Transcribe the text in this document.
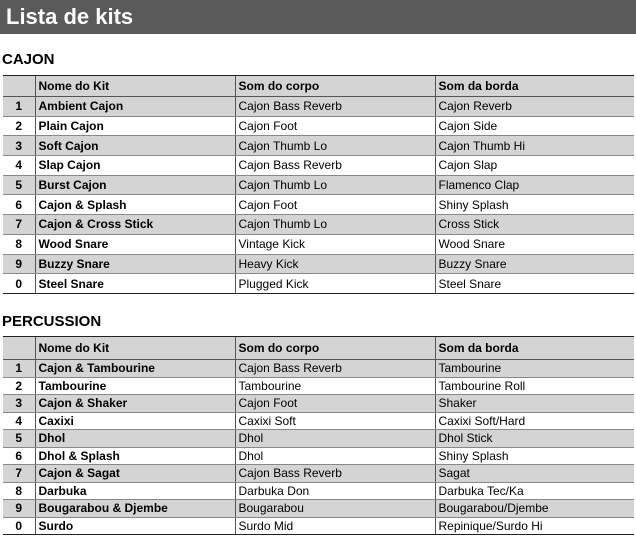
Lista de kits
CAJON
	Nome do Kit	Som do corpo	Som da borda
1	Ambient Cajon	Cajon Bass Reverb	Cajon Reverb
2	Plain Cajon	Cajon Foot	Cajon Side
3	Soft Cajon	Cajon Thumb Lo	Cajon Thumb Hi
4	Slap Cajon	Cajon Bass Reverb	Cajon Slap
5	Burst Cajon	Cajon Thumb Lo	Flamenco Clap
6	Cajon & Splash	Cajon Foot	Shiny Splash
7	Cajon & Cross Stick	Cajon Thumb Lo	Cross Stick
8	Wood Snare	Vintage Kick	Wood Snare
9	Buzzy Snare	Heavy Kick	Buzzy Snare
0	Steel Snare	Plugged Kick	Steel Snare
PERCUSSION
	Nome do Kit	Som do corpo	Som da borda
1	Cajon & Tambourine	Cajon Bass Reverb	Tambourine
2	Tambourine	Tambourine	Tambourine Roll
3	Cajon & Shaker	Cajon Foot	Shaker
4	Caxixi	Caxixi Soft	Caxixi Soft/Hard
5	Dhol	Dhol	Dhol Stick
6	Dhol & Splash	Dhol	Shiny Splash
7	Cajon & Sagat	Cajon Bass Reverb	Sagat
8	Darbuka	Darbuka Don	Darbuka Tec/Ka
9	Bougarabou & Djembe	Bougarabou	Bougarabou/Djembe
0	Surdo	Surdo Mid	Repinique/Surdo Hi
